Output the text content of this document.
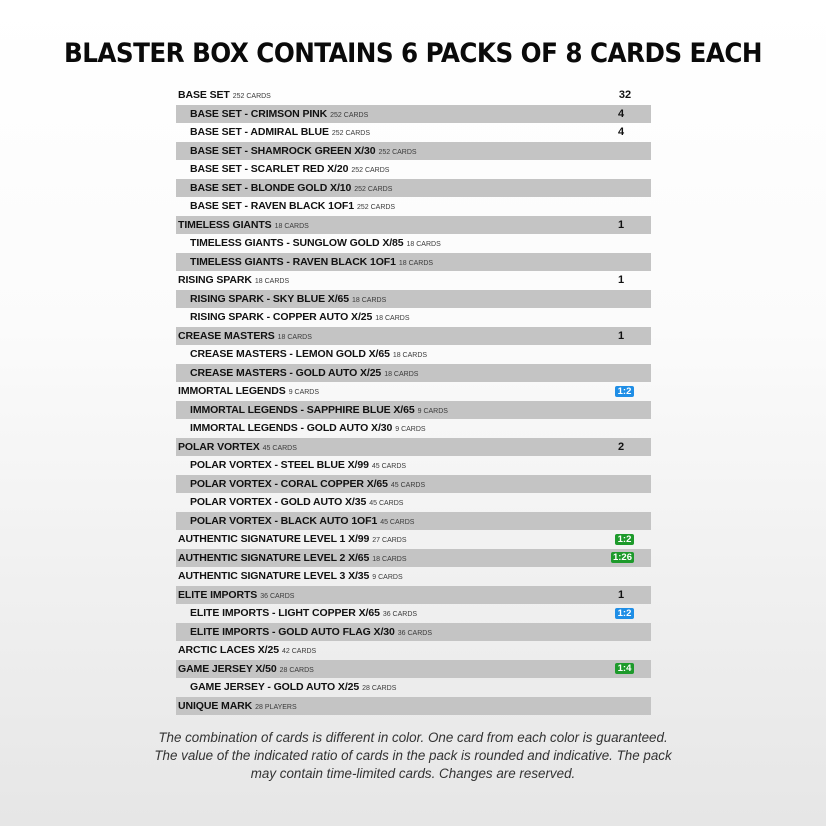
BLASTER BOX CONTAINS 6 PACKS OF 8 CARDS EACH
BASE SET 252 CARDS	32
BASE SET - CRIMSON PINK 252 CARDS	4
BASE SET - ADMIRAL BLUE 252 CARDS	4
BASE SET - SHAMROCK GREEN X/30 252 CARDS
BASE SET - SCARLET RED X/20 252 CARDS
BASE SET - BLONDE GOLD X/10 252 CARDS
BASE SET - RAVEN BLACK 1OF1 252 CARDS
TIMELESS GIANTS 18 CARDS	1
TIMELESS GIANTS - SUNGLOW GOLD X/85 18 CARDS
TIMELESS GIANTS - RAVEN BLACK 1OF1 18 CARDS
RISING SPARK 18 CARDS	1
RISING SPARK - SKY BLUE X/65 18 CARDS
RISING SPARK - COPPER AUTO X/25 18 CARDS
CREASE MASTERS 18 CARDS	1
CREASE MASTERS - LEMON GOLD X/65 18 CARDS
CREASE MASTERS - GOLD AUTO X/25 18 CARDS
IMMORTAL LEGENDS 9 CARDS	1:2
IMMORTAL LEGENDS - SAPPHIRE BLUE X/65 9 CARDS
IMMORTAL LEGENDS - GOLD AUTO X/30 9 CARDS
POLAR VORTEX 45 CARDS	2
POLAR VORTEX - STEEL BLUE X/99 45 CARDS
POLAR VORTEX - CORAL COPPER X/65 45 CARDS
POLAR VORTEX - GOLD AUTO X/35 45 CARDS
POLAR VORTEX - BLACK AUTO 1OF1 45 CARDS
AUTHENTIC SIGNATURE LEVEL 1 X/99 27 CARDS	1:2
AUTHENTIC SIGNATURE LEVEL 2 X/65 18 CARDS	1:26
AUTHENTIC SIGNATURE LEVEL 3 X/35 9 CARDS
ELITE IMPORTS 36 CARDS	1
ELITE IMPORTS - LIGHT COPPER X/65 36 CARDS	1:2
ELITE IMPORTS - GOLD AUTO FLAG X/30 36 CARDS
ARCTIC LACES X/25 42 CARDS
GAME JERSEY X/50 28 CARDS	1:4
GAME JERSEY - GOLD AUTO X/25 28 CARDS
UNIQUE MARK 28 PLAYERS
The combination of cards is different in color. One card from each color is guaranteed.
The value of the indicated ratio of cards in the pack is rounded and indicative. The pack
may contain time-limited cards. Changes are reserved.
